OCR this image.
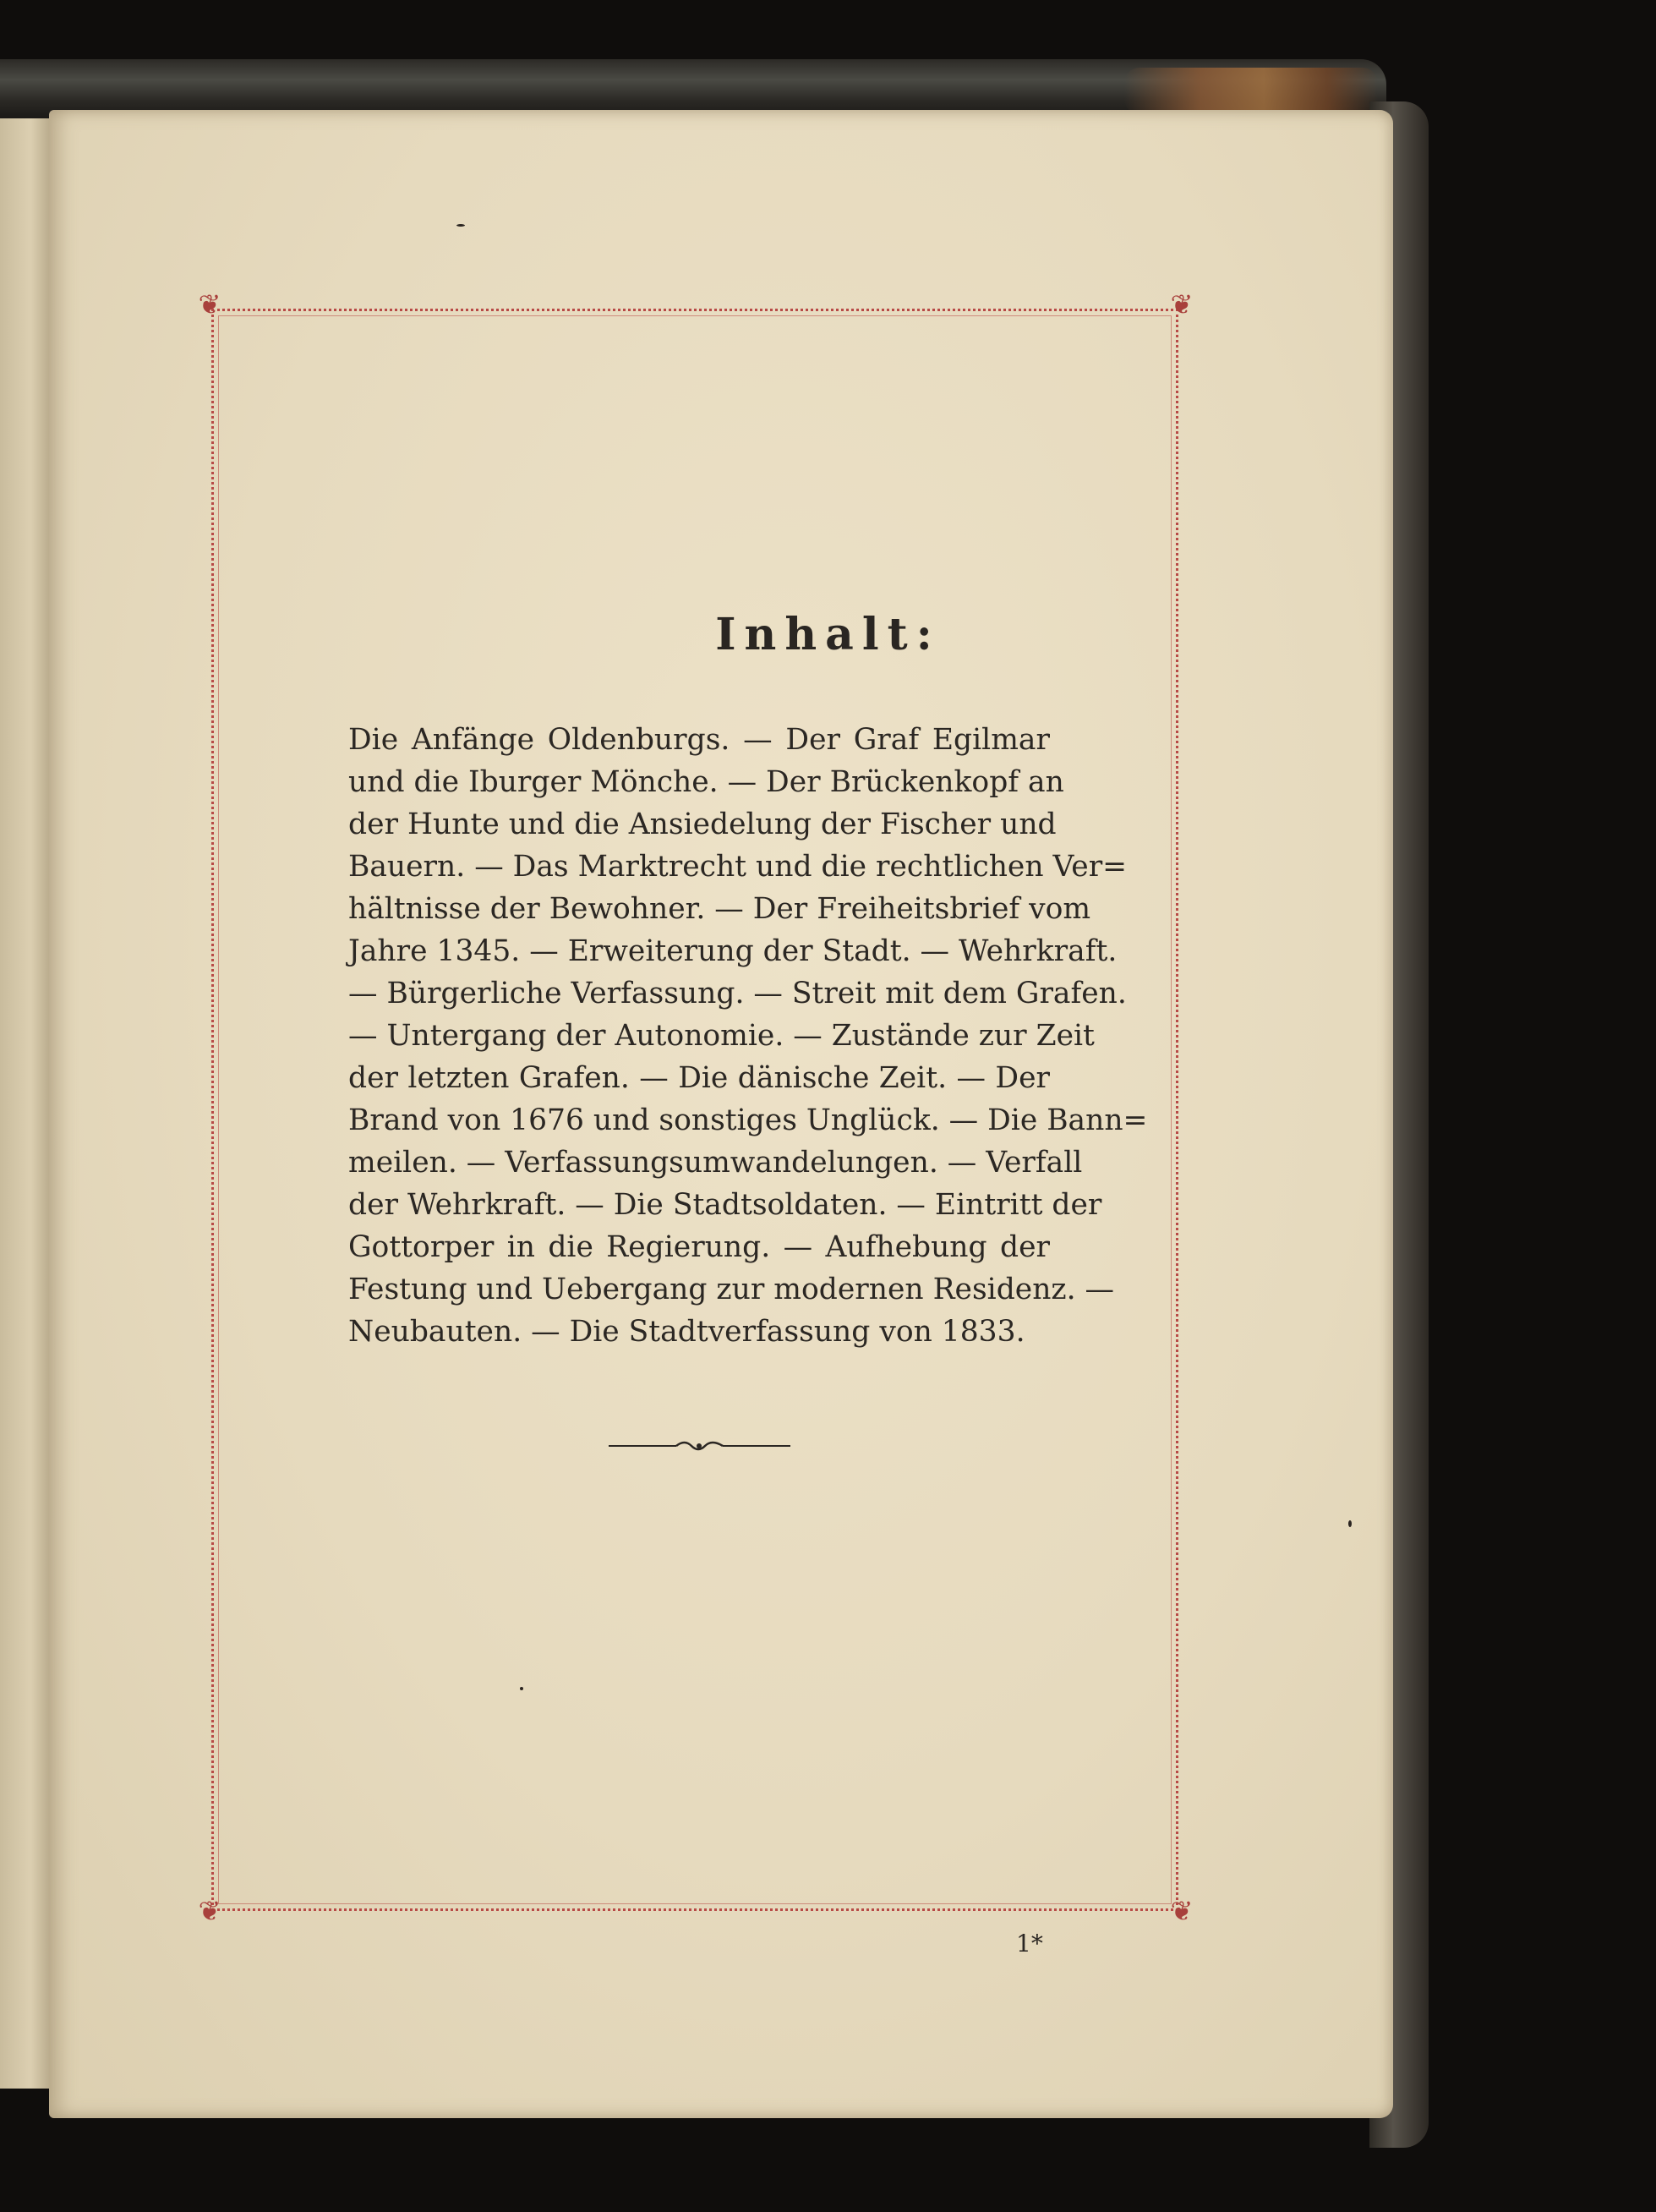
❦	❦
❦	❦
Inhalt:
Die Anfänge Oldenburgs. — Der Graf Egilmar
und die Iburger Mönche. — Der Brückenkopf an
der Hunte und die Ansiedelung der Fischer und
Bauern. — Das Marktrecht und die rechtlichen Ver=
hältnisse der Bewohner. — Der Freiheitsbrief vom
Jahre 1345. — Erweiterung der Stadt. — Wehrkraft.
— Bürgerliche Verfassung. — Streit mit dem Grafen.
— Untergang der Autonomie. — Zustände zur Zeit
der letzten Grafen. — Die dänische Zeit. — Der
Brand von 1676 und sonstiges Unglück. — Die Bann=
meilen. — Verfassungsumwandelungen. — Verfall
der Wehrkraft. — Die Stadtsoldaten. — Eintritt der
Gottorper in die Regierung. — Aufhebung der
Festung und Uebergang zur modernen Residenz. —
Neubauten. — Die Stadtverfassung von 1833.
1*
